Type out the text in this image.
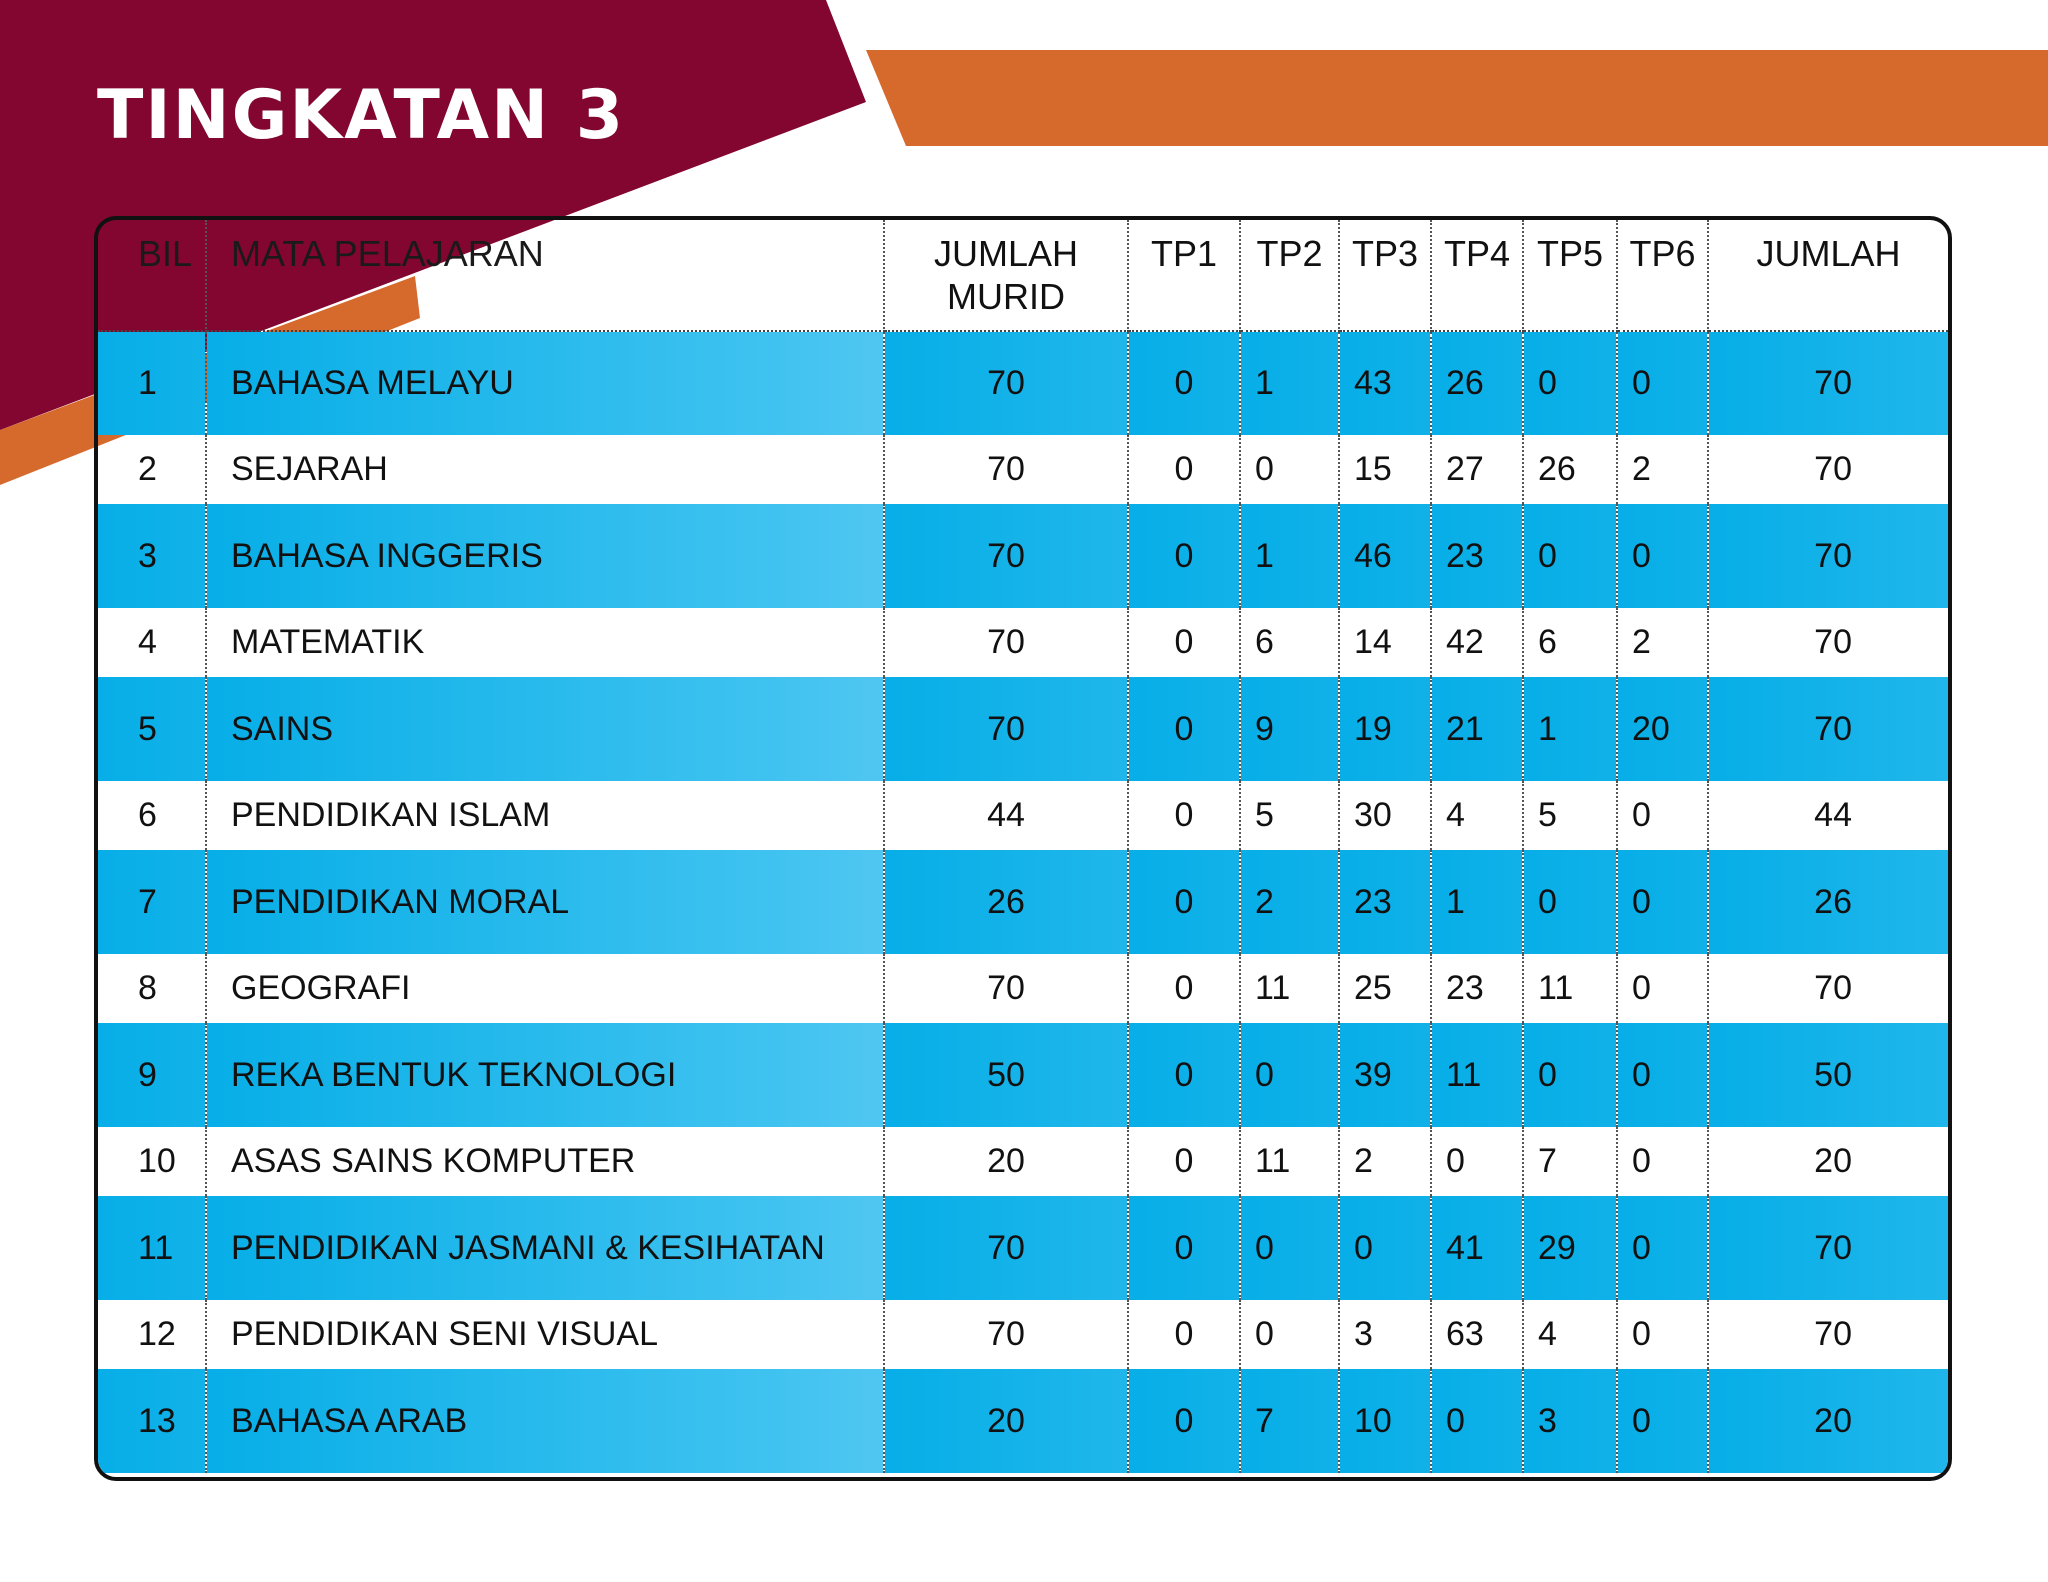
TINGKATAN 3
BIL	MATA PELAJARAN	JUMLAH
MURID	TP1	TP2	TP3	TP4	TP5	TP6	JUMLAH
1	BAHASA MELAYU	70	0	1	43	26	0	0	70
2	SEJARAH	70	0	0	15	27	26	2	70
3	BAHASA INGGERIS	70	0	1	46	23	0	0	70
4	MATEMATIK	70	0	6	14	42	6	2	70
5	SAINS	70	0	9	19	21	1	20	70
6	PENDIDIKAN ISLAM	44	0	5	30	4	5	0	44
7	PENDIDIKAN MORAL	26	0	2	23	1	0	0	26
8	GEOGRAFI	70	0	11	25	23	11	0	70
9	REKA BENTUK TEKNOLOGI	50	0	0	39	11	0	0	50
10	ASAS SAINS KOMPUTER	20	0	11	2	0	7	0	20
11	PENDIDIKAN JASMANI & KESIHATAN	70	0	0	0	41	29	0	70
12	PENDIDIKAN SENI VISUAL	70	0	0	3	63	4	0	70
13	BAHASA ARAB	20	0	7	10	0	3	0	20
